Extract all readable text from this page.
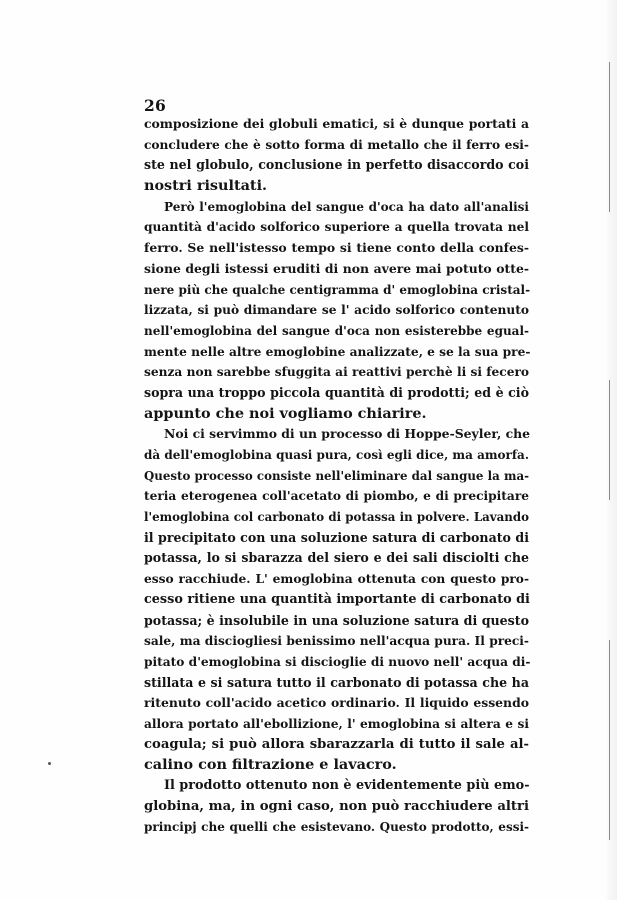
26
composizione dei globuli ematici, si è dunque portati a
concludere che è sotto forma di metallo che il ferro esi-
ste nel globulo, conclusione in perfetto disaccordo coi
nostri risultati.
Però l'emoglobina del sangue d'oca ha dato all'analisi
quantità d'acido solforico superiore a quella trovata nel
ferro. Se nell'istesso tempo si tiene conto della confes-
sione degli istessi eruditi di non avere mai potuto otte-
nere più che qualche centigramma d' emoglobina cristal-
lizzata, si può dimandare se l' acido solforico contenuto
nell'emoglobina del sangue d'oca non esisterebbe egual-
mente nelle altre emoglobine analizzate, e se la sua pre-
senza non sarebbe sfuggita ai reattivi perchè li si fecero
sopra una troppo piccola quantità di prodotti; ed è ciò
appunto che noi vogliamo chiarire.
Noi ci servimmo di un processo di Hoppe-Seyler, che
dà dell'emoglobina quasi pura, così egli dice, ma amorfa.
Questo processo consiste nell'eliminare dal sangue la ma-
teria eterogenea coll'acetato di piombo, e di precipitare
l'emoglobina col carbonato di potassa in polvere. Lavando
il precipitato con una soluzione satura di carbonato di
potassa, lo si sbarazza del siero e dei sali disciolti che
esso racchiude. L' emoglobina ottenuta con questo pro-
cesso ritiene una quantità importante di carbonato di
potassa; è insolubile in una soluzione satura di questo
sale, ma disciogliesi benissimo nell'acqua pura. Il preci-
pitato d'emoglobina si discioglie di nuovo nell' acqua di-
stillata e si satura tutto il carbonato di potassa che ha
ritenuto coll'acido acetico ordinario. Il liquido essendo
allora portato all'ebollizione, l' emoglobina si altera e si
coagula; si può allora sbarazzarla di tutto il sale al-
calino con filtrazione e lavacro.
Il prodotto ottenuto non è evidentemente più emo-
globina, ma, in ogni caso, non può racchiudere altri
principj che quelli che esistevano. Questo prodotto, essi-
